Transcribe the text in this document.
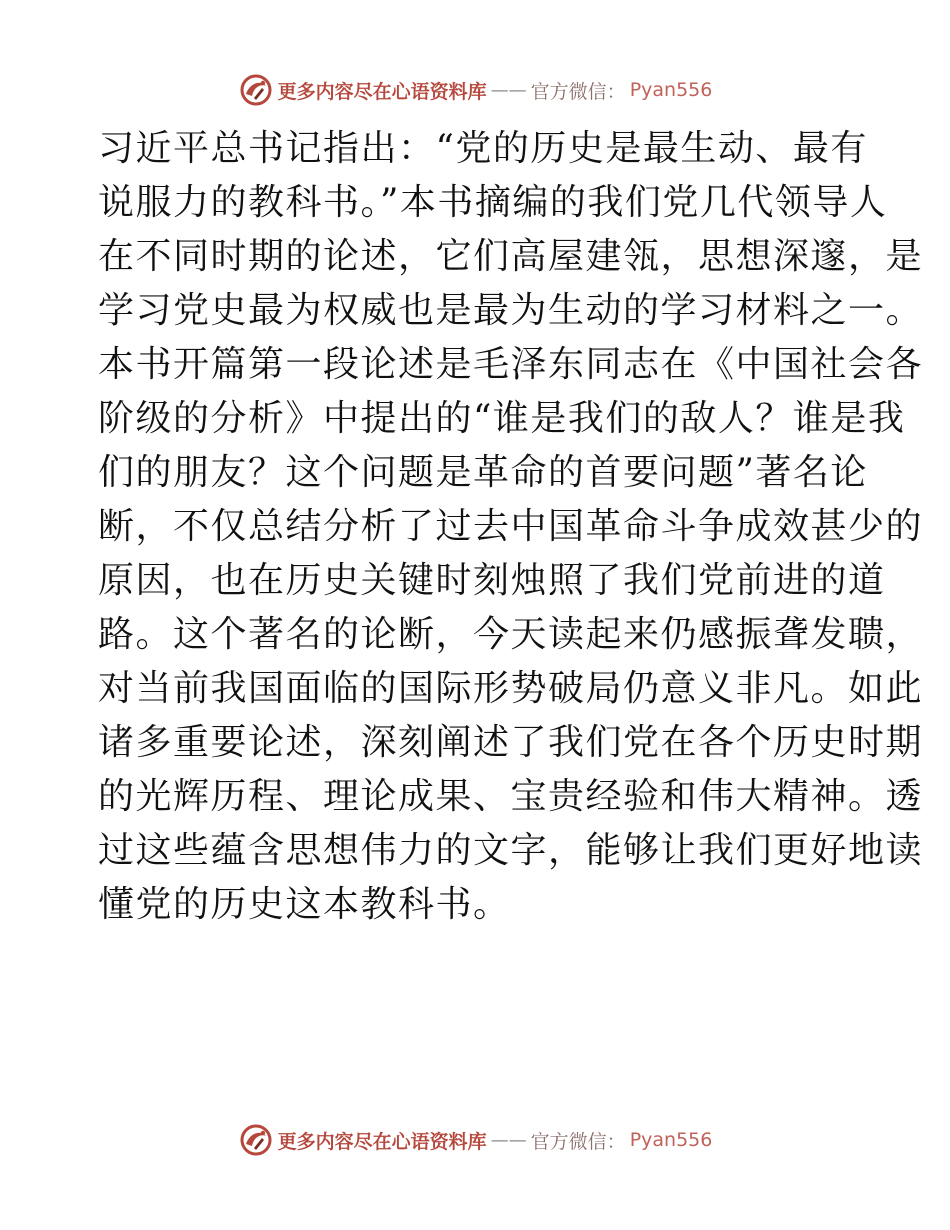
更多内容尽在心语资料库 —— 官方微信： Pyan556
习近平总书记指出：“党的历史是最生动、最有
说服力的教科书。”本书摘编的我们党几代领导人
在不同时期的论述，它们高屋建瓴，思想深邃，是
学习党史最为权威也是最为生动的学习材料之一。
本书开篇第一段论述是毛泽东同志在《中国社会各
阶级的分析》中提出的“谁是我们的敌人？谁是我
们的朋友？这个问题是革命的首要问题”著名论
断，不仅总结分析了过去中国革命斗争成效甚少的
原因，也在历史关键时刻烛照了我们党前进的道
路。这个著名的论断，今天读起来仍感振聋发聩，
对当前我国面临的国际形势破局仍意义非凡。如此
诸多重要论述，深刻阐述了我们党在各个历史时期
的光辉历程、理论成果、宝贵经验和伟大精神。透
过这些蕴含思想伟力的文字，能够让我们更好地读
懂党的历史这本教科书。
更多内容尽在心语资料库 —— 官方微信： Pyan556
